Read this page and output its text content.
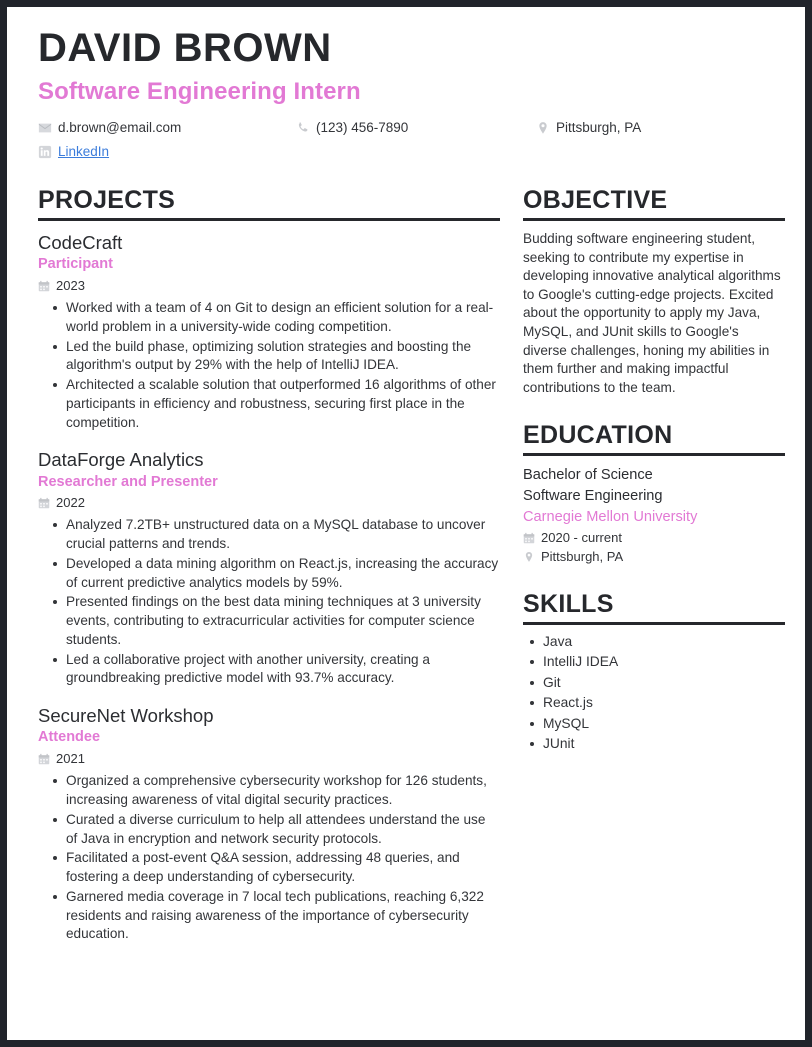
DAVID BROWN
Software Engineering Intern
d.brown@email.com	(123) 456-7890	Pittsburgh, PA
LinkedIn
PROJECTS
CodeCraft
Participant
2023
Worked with a team of 4 on Git to design an efficient solution for a real-world problem in a university-wide coding competition.
Led the build phase, optimizing solution strategies and boosting the algorithm's output by 29% with the help of IntelliJ IDEA.
Architected a scalable solution that outperformed 16 algorithms of other participants in efficiency and robustness, securing first place in the competition.
DataForge Analytics
Researcher and Presenter
2022
Analyzed 7.2TB+ unstructured data on a MySQL database to uncover crucial patterns and trends.
Developed a data mining algorithm on React.js, increasing the accuracy of current predictive analytics models by 59%.
Presented findings on the best data mining techniques at 3 university events, contributing to extracurricular activities for computer science students.
Led a collaborative project with another university, creating a groundbreaking predictive model with 93.7% accuracy.
SecureNet Workshop
Attendee
2021
Organized a comprehensive cybersecurity workshop for 126 students, increasing awareness of vital digital security practices.
Curated a diverse curriculum to help all attendees understand the use of Java in encryption and network security protocols.
Facilitated a post-event Q&A session, addressing 48 queries, and fostering a deep understanding of cybersecurity.
Garnered media coverage in 7 local tech publications, reaching 6,322 residents and raising awareness of the importance of cybersecurity education.
OBJECTIVE
Budding software engineering student, seeking to contribute my expertise in developing innovative analytical algorithms to Google's cutting-edge projects. Excited about the opportunity to apply my Java, MySQL, and JUnit skills to Google's diverse challenges, honing my abilities in them further and making impactful contributions to the team.
EDUCATION
Bachelor of Science
Software Engineering
Carnegie Mellon University
2020 - current
Pittsburgh, PA
SKILLS
Java
IntelliJ IDEA
Git
React.js
MySQL
JUnit
